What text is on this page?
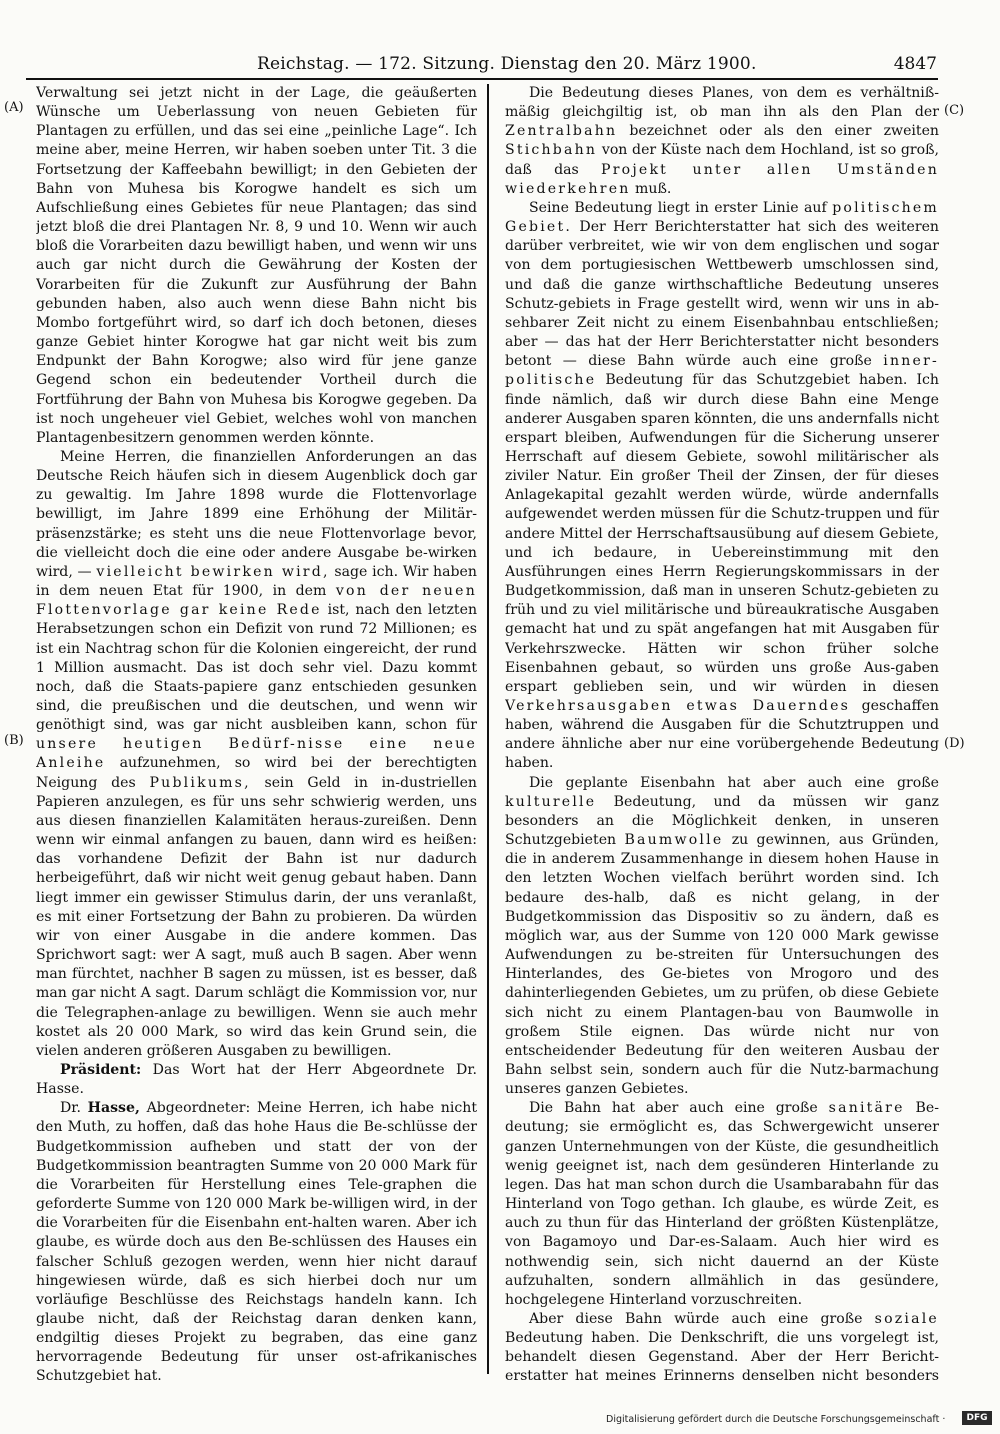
Reichstag. — 172. Sitzung. Dienstag den 20. März 1900.	4847
(A)
(B)
(C)
(D)

Verwaltung sei jetzt nicht in der Lage, die geäußerten Wünsche um Ueberlassung von neuen Gebieten für Plantagen zu erfüllen, und das sei eine „peinliche Lage“. Ich meine aber, meine Herren, wir haben soeben unter Tit. 3 die Fortsetzung der Kaffeebahn bewilligt; in den Gebieten der Bahn von Muhesa bis Korogwe handelt es sich um Aufschließung eines Gebietes für neue Plantagen; das sind jetzt bloß die drei Plantagen Nr. 8, 9 und 10. Wenn wir auch bloß die Vorarbeiten dazu bewilligt haben, und wenn wir uns auch gar nicht durch die Gewährung der Kosten der Vorarbeiten für die Zukunft zur Ausführung der Bahn gebunden haben, also auch wenn diese Bahn nicht bis Mombo fortgeführt wird, so darf ich doch betonen, dieses ganze Gebiet hinter Korogwe hat gar nicht weit bis zum Endpunkt der Bahn Korogwe; also wird für jene ganze Gegend schon ein bedeutender Vortheil durch die Fortführung der Bahn von Muhesa bis Korogwe gegeben. Da ist noch ungeheuer viel Gebiet, welches wohl von manchen Plantagenbesitzern genommen werden könnte.

Meine Herren, die finanziellen Anforderungen an das Deutsche Reich häufen sich in diesem Augenblick doch gar zu gewaltig. Im Jahre 1898 wurde die Flottenvorlage bewilligt, im Jahre 1899 eine Erhöhung der Militär-präsenzstärke; es steht uns die neue Flottenvorlage bevor, die vielleicht doch die eine oder andere Ausgabe be-wirken wird, — vielleicht bewirken wird, sage ich. Wir haben in dem neuen Etat für 1900, in dem von der neuen Flottenvorlage gar keine Rede ist, nach den letzten Herabsetzungen schon ein Defizit von rund 72 Millionen; es ist ein Nachtrag schon für die Kolonien eingereicht, der rund 1 Million ausmacht. Das ist doch sehr viel. Dazu kommt noch, daß die Staats-papiere ganz entschieden gesunken sind, die preußischen und die deutschen, und wenn wir genöthigt sind, was gar nicht ausbleiben kann, schon für unsere heutigen Bedürf-nisse eine neue Anleihe aufzunehmen, so wird bei der berechtigten Neigung des Publikums, sein Geld in in-dustriellen Papieren anzulegen, es für uns sehr schwierig werden, uns aus diesen finanziellen Kalamitäten heraus-zureißen. Denn wenn wir einmal anfangen zu bauen, dann wird es heißen: das vorhandene Defizit der Bahn ist nur dadurch herbeigeführt, daß wir nicht weit genug gebaut haben. Dann liegt immer ein gewisser Stimulus darin, der uns veranlaßt, es mit einer Fortsetzung der Bahn zu probieren. Da würden wir von einer Ausgabe in die andere kommen. Das Sprichwort sagt: wer A sagt, muß auch B sagen. Aber wenn man fürchtet, nachher B sagen zu müssen, ist es besser, daß man gar nicht A sagt. Darum schlägt die Kommission vor, nur die Telegraphen-anlage zu bewilligen. Wenn sie auch mehr kostet als 20 000 Mark, so wird das kein Grund sein, die vielen anderen größeren Ausgaben zu bewilligen.

Präsident: Das Wort hat der Herr Abgeordnete Dr. Hasse.

Dr. Hasse, Abgeordneter: Meine Herren, ich habe nicht den Muth, zu hoffen, daß das hohe Haus die Be-schlüsse der Budgetkommission aufheben und statt der von der Budgetkommission beantragten Summe von 20 000 Mark für die Vorarbeiten für Herstellung eines Tele-graphen die geforderte Summe von 120 000 Mark be-willigen wird, in der die Vorarbeiten für die Eisenbahn ent-halten waren. Aber ich glaube, es würde doch aus den Be-schlüssen des Hauses ein falscher Schluß gezogen werden, wenn hier nicht darauf hingewiesen würde, daß es sich hierbei doch nur um vorläufige Beschlüsse des Reichstags handeln kann. Ich glaube nicht, daß der Reichstag daran denken kann, endgiltig dieses Projekt zu begraben, das eine ganz hervorragende Bedeutung für unser ost-afrikanisches Schutzgebiet hat.

Die Bedeutung dieses Planes, von dem es verhältniß-mäßig gleichgiltig ist, ob man ihn als den Plan der Zentralbahn bezeichnet oder als den einer zweiten Stichbahn von der Küste nach dem Hochland, ist so groß, daß das Projekt unter allen Umständen wiederkehren muß.

Seine Bedeutung liegt in erster Linie auf politischem Gebiet. Der Herr Berichterstatter hat sich des weiteren darüber verbreitet, wie wir von dem englischen und sogar von dem portugiesischen Wettbewerb umschlossen sind, und daß die ganze wirthschaftliche Bedeutung unseres Schutz-gebiets in Frage gestellt wird, wenn wir uns in ab-sehbarer Zeit nicht zu einem Eisenbahnbau entschließen; aber — das hat der Herr Berichterstatter nicht besonders betont — diese Bahn würde auch eine große inner-politische Bedeutung für das Schutzgebiet haben. Ich finde nämlich, daß wir durch diese Bahn eine Menge anderer Ausgaben sparen könnten, die uns andernfalls nicht erspart bleiben, Aufwendungen für die Sicherung unserer Herrschaft auf diesem Gebiete, sowohl militärischer als ziviler Natur. Ein großer Theil der Zinsen, der für dieses Anlagekapital gezahlt werden würde, würde andernfalls aufgewendet werden müssen für die Schutz-truppen und für andere Mittel der Herrschaftsausübung auf diesem Gebiete, und ich bedaure, in Uebereinstimmung mit den Ausführungen eines Herrn Regierungskommissars in der Budgetkommission, daß man in unseren Schutz-gebieten zu früh und zu viel militärische und büreaukratische Ausgaben gemacht hat und zu spät angefangen hat mit Ausgaben für Verkehrszwecke. Hätten wir schon früher solche Eisenbahnen gebaut, so würden uns große Aus-gaben erspart geblieben sein, und wir würden in diesen Verkehrsausgaben etwas Dauerndes geschaffen haben, während die Ausgaben für die Schutztruppen und andere ähnliche aber nur eine vorübergehende Bedeutung haben.

Die geplante Eisenbahn hat aber auch eine große kulturelle Bedeutung, und da müssen wir ganz besonders an die Möglichkeit denken, in unseren Schutzgebieten Baumwolle zu gewinnen, aus Gründen, die in anderem Zusammenhange in diesem hohen Hause in den letzten Wochen vielfach berührt worden sind. Ich bedaure des-halb, daß es nicht gelang, in der Budgetkommission das Dispositiv so zu ändern, daß es möglich war, aus der Summe von 120 000 Mark gewisse Aufwendungen zu be-streiten für Untersuchungen des Hinterlandes, des Ge-bietes von Mrogoro und des dahinterliegenden Gebietes, um zu prüfen, ob diese Gebiete sich nicht zu einem Plantagen-bau von Baumwolle in großem Stile eignen. Das würde nicht nur von entscheidender Bedeutung für den weiteren Ausbau der Bahn selbst sein, sondern auch für die Nutz-barmachung unseres ganzen Gebietes.

Die Bahn hat aber auch eine große sanitäre Be-deutung; sie ermöglicht es, das Schwergewicht unserer ganzen Unternehmungen von der Küste, die gesundheitlich wenig geeignet ist, nach dem gesünderen Hinterlande zu legen. Das hat man schon durch die Usambarabahn für das Hinterland von Togo gethan. Ich glaube, es würde Zeit, es auch zu thun für das Hinterland der größten Küstenplätze, von Bagamoyo und Dar-es-Salaam. Auch hier wird es nothwendig sein, sich nicht dauernd an der Küste aufzuhalten, sondern allmählich in das gesündere, hochgelegene Hinterland vorzuschreiten.

Aber diese Bahn würde auch eine große soziale Bedeutung haben. Die Denkschrift, die uns vorgelegt ist, behandelt diesen Gegenstand. Aber der Herr Bericht-erstatter hat meines Erinnerns denselben nicht besonders

Digitalisierung gefördert durch die Deutsche Forschungsgemeinschaft ·	DFG
